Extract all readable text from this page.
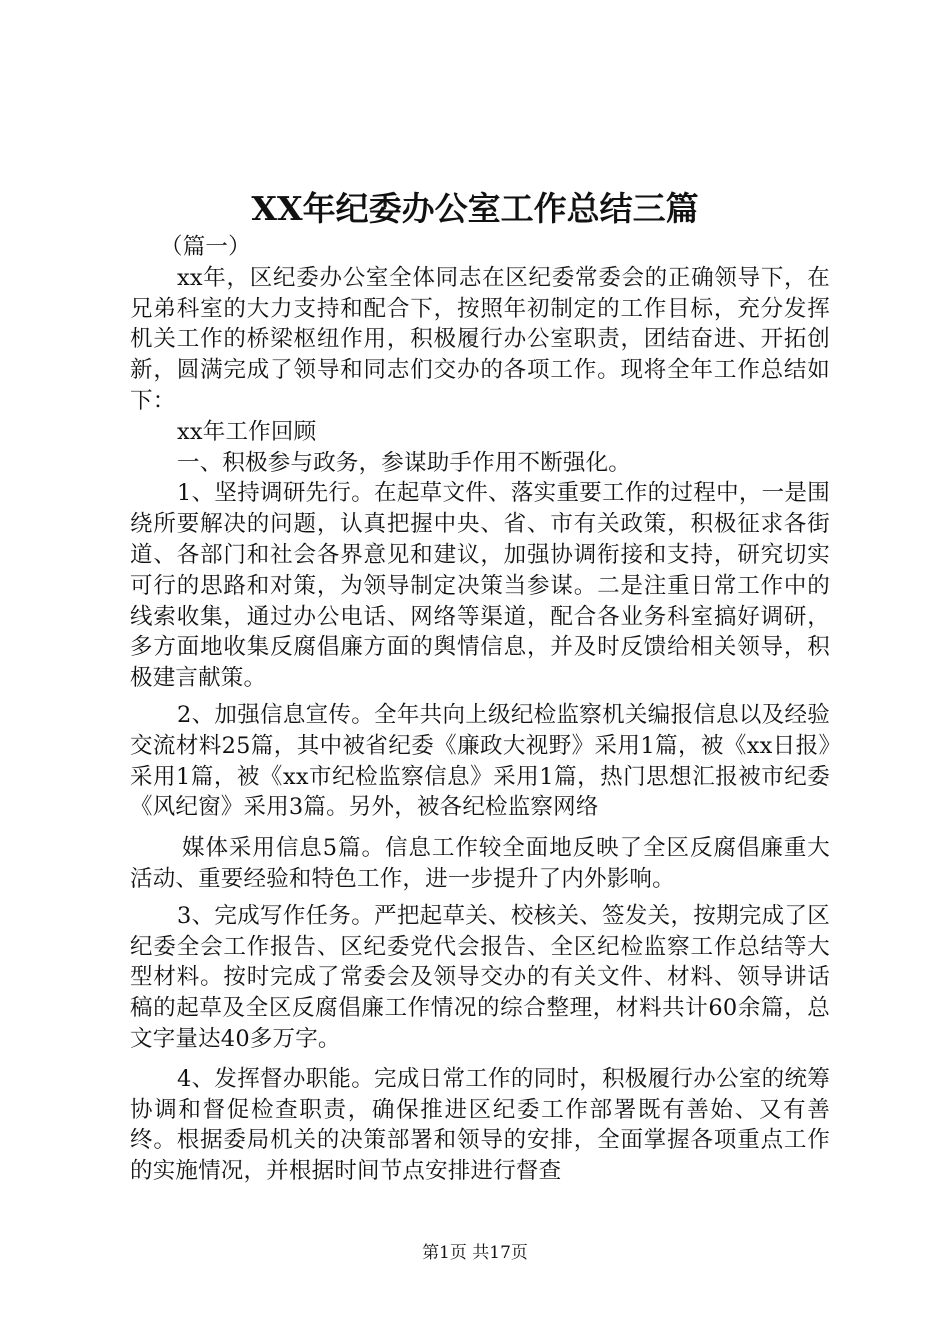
XX年纪委办公室工作总结三篇

（篇一）

xx年，区纪委办公室全体同志在区纪委常委会的正确领导下，在兄弟科室的大力支持和配合下，按照年初制定的工作目标，充分发挥机关工作的桥梁枢纽作用，积极履行办公室职责，团结奋进、开拓创新，圆满完成了领导和同志们交办的各项工作。现将全年工作总结如下：

xx年工作回顾

一、积极参与政务，参谋助手作用不断强化。

1、坚持调研先行。在起草文件、落实重要工作的过程中，一是围绕所要解决的问题，认真把握中央、省、市有关政策，积极征求各街道、各部门和社会各界意见和建议，加强协调衔接和支持，研究切实可行的思路和对策，为领导制定决策当参谋。二是注重日常工作中的线索收集，通过办公电话、网络等渠道，配合各业务科室搞好调研，多方面地收集反腐倡廉方面的舆情信息，并及时反馈给相关领导，积极建言献策。

2、加强信息宣传。全年共向上级纪检监察机关编报信息以及经验交流材料25篇，其中被省纪委《廉政大视野》采用1篇，被《xx日报》采用1篇，被《xx市纪检监察信息》采用1篇，热门思想汇报被市纪委《风纪窗》采用3篇。另外，被各纪检监察网络

媒体采用信息5篇。信息工作较全面地反映了全区反腐倡廉重大活动、重要经验和特色工作，进一步提升了内外影响。

3、完成写作任务。严把起草关、校核关、签发关，按期完成了区纪委全会工作报告、区纪委党代会报告、全区纪检监察工作总结等大型材料。按时完成了常委会及领导交办的有关文件、材料、领导讲话稿的起草及全区反腐倡廉工作情况的综合整理，材料共计60余篇，总文字量达40多万字。

4、发挥督办职能。完成日常工作的同时，积极履行办公室的统筹协调和督促检查职责，确保推进区纪委工作部署既有善始、又有善终。根据委局机关的决策部署和领导的安排，全面掌握各项重点工作的实施情况，并根据时间节点安排进行督查

第1页 共17页
